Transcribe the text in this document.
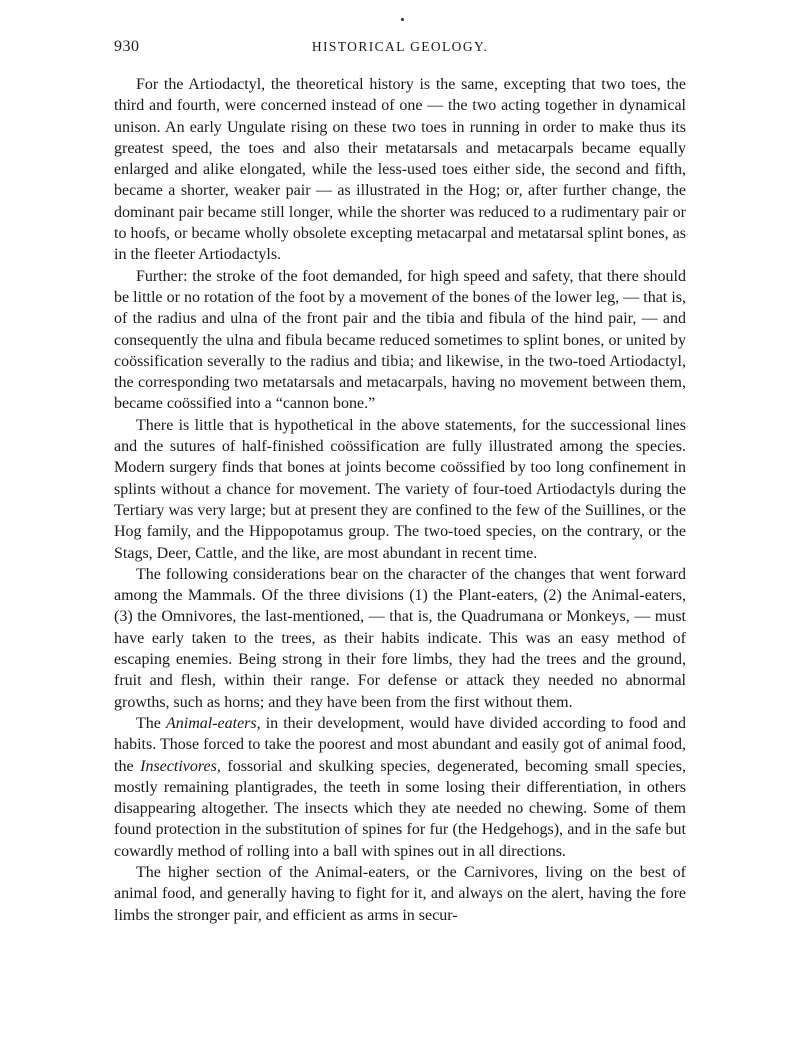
930	HISTORICAL GEOLOGY.

For the Artiodactyl, the theoretical history is the same, excepting that two toes, the third and fourth, were concerned instead of one — the two acting together in dynamical unison. An early Ungulate rising on these two toes in running in order to make thus its greatest speed, the toes and also their metatarsals and metacarpals became equally enlarged and alike elongated, while the less-used toes either side, the second and fifth, became a shorter, weaker pair — as illustrated in the Hog; or, after further change, the dominant pair became still longer, while the shorter was reduced to a rudimentary pair or to hoofs, or became wholly obsolete excepting metacarpal and metatarsal splint bones, as in the fleeter Artiodactyls.

Further: the stroke of the foot demanded, for high speed and safety, that there should be little or no rotation of the foot by a movement of the bones of the lower leg, — that is, of the radius and ulna of the front pair and the tibia and fibula of the hind pair, — and consequently the ulna and fibula became reduced sometimes to splint bones, or united by coössification severally to the radius and tibia; and likewise, in the two-toed Artiodactyl, the corresponding two metatarsals and metacarpals, having no movement between them, became coössified into a “cannon bone.”

There is little that is hypothetical in the above statements, for the successional lines and the sutures of half-finished coössification are fully illustrated among the species. Modern surgery finds that bones at joints become coössified by too long confinement in splints without a chance for movement. The variety of four-toed Artiodactyls during the Tertiary was very large; but at present they are confined to the few of the Suillines, or the Hog family, and the Hippopotamus group. The two-toed species, on the contrary, or the Stags, Deer, Cattle, and the like, are most abundant in recent time.

The following considerations bear on the character of the changes that went forward among the Mammals. Of the three divisions (1) the Plant-eaters, (2) the Animal-eaters, (3) the Omnivores, the last-mentioned, — that is, the Quadrumana or Monkeys, — must have early taken to the trees, as their habits indicate. This was an easy method of escaping enemies. Being strong in their fore limbs, they had the trees and the ground, fruit and flesh, within their range. For defense or attack they needed no abnormal growths, such as horns; and they have been from the first without them.

The Animal-eaters, in their development, would have divided according to food and habits. Those forced to take the poorest and most abundant and easily got of animal food, the Insectivores, fossorial and skulking species, degenerated, becoming small species, mostly remaining plantigrades, the teeth in some losing their differentiation, in others disappearing altogether. The insects which they ate needed no chewing. Some of them found protection in the substitution of spines for fur (the Hedgehogs), and in the safe but cowardly method of rolling into a ball with spines out in all directions.

The higher section of the Animal-eaters, or the Carnivores, living on the best of animal food, and generally having to fight for it, and always on the alert, having the fore limbs the stronger pair, and efficient as arms in secur-
